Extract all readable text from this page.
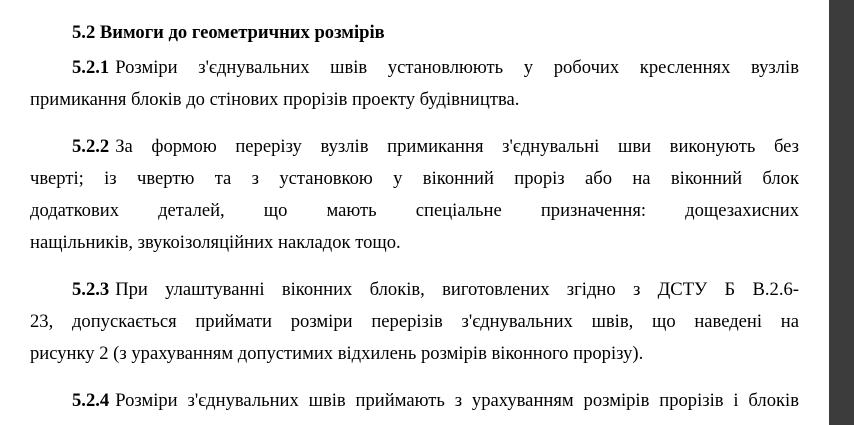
5.2 Вимоги до геометричних розмірів
5.2.1 Розміри з'єднувальних швів установлюють у робочих кресленнях вузлів
примикання блоків до стінових прорізів проекту будівництва.
5.2.2 За формою перерізу вузлів примикання з'єднувальні шви виконують без
чверті; із чвертю та з установкою у віконний проріз або на віконний блок
додаткових деталей, що мають спеціальне призначення: дощезахисних
нащільників, звукоізоляційних накладок тощо.
5.2.3 При улаштуванні віконних блоків, виготовлених згідно з ДСТУ Б В.2.6-
23, допускається приймати розміри перерізів з'єднувальних швів, що наведені на
рисунку 2 (з урахуванням допустимих відхилень розмірів віконного прорізу).
5.2.4 Розміри з'єднувальних швів приймають з урахуванням розмірів прорізів і блоків
